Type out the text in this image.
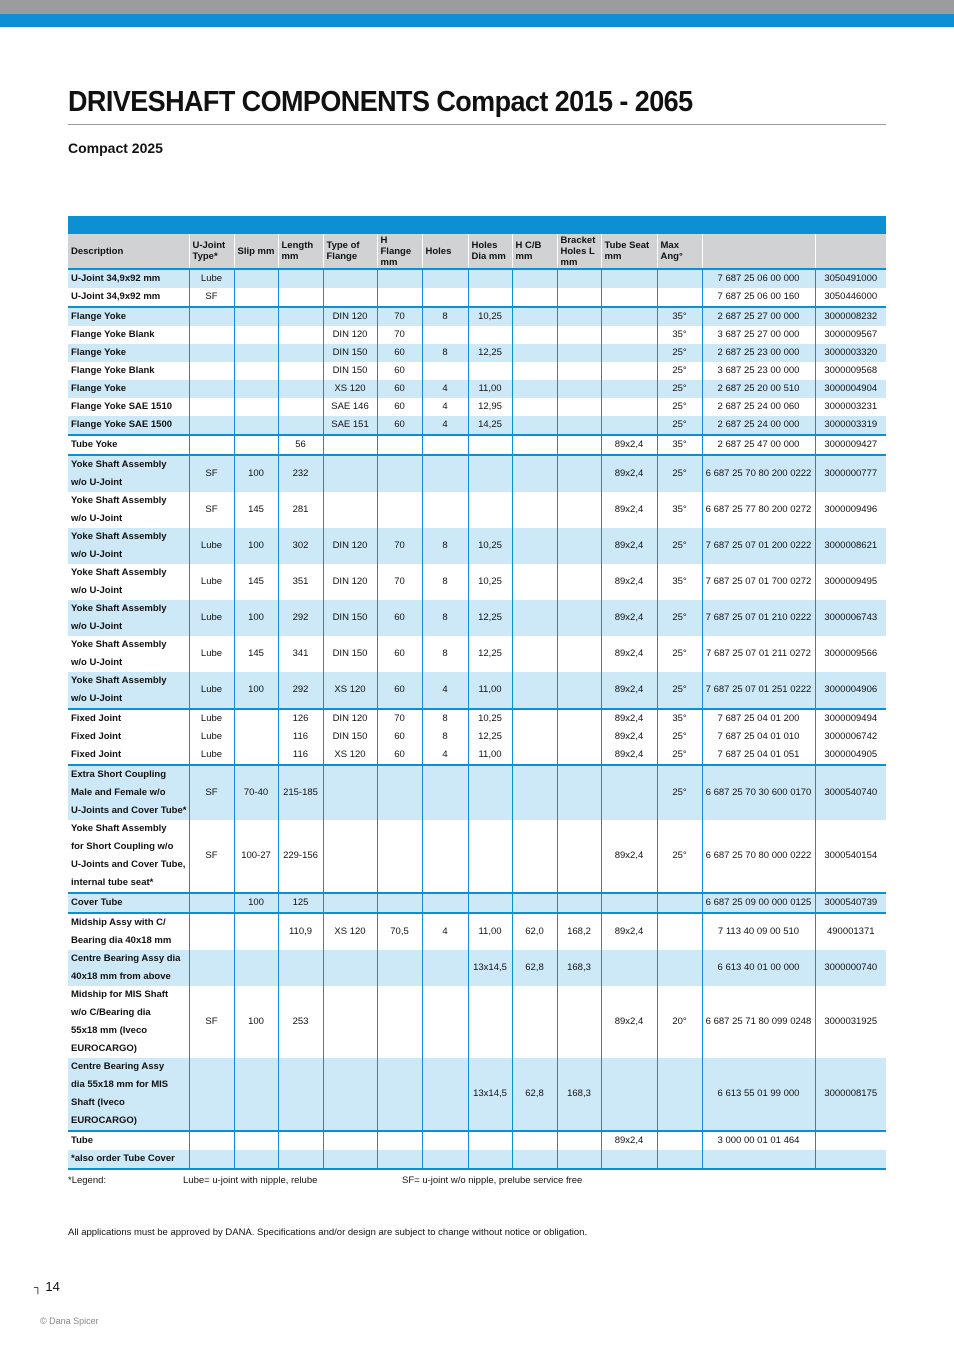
DRIVESHAFT COMPONENTS Compact 2015 - 2065
Compact 2025
Description	U-Joint Type*	Slip mm	Length mm	Type of Flange	H Flange mm	Holes	Holes Dia mm	H C/B mm	Bracket Holes L mm	Tube Seat mm	Max Ang°		
U-Joint 34,9x92 mm	Lube											7 687 25 06 00 000	3050491000
U-Joint 34,9x92 mm	SF											7 687 25 06 00 160	3050446000
Flange Yoke				DIN 120	70	8	10,25				35°	2 687 25 27 00 000	3000008232
Flange Yoke Blank				DIN 120	70						35°	3 687 25 27 00 000	3000009567
Flange Yoke				DIN 150	60	8	12,25				25°	2 687 25 23 00 000	3000003320
Flange Yoke Blank				DIN 150	60						25°	3 687 25 23 00 000	3000009568
Flange Yoke				XS 120	60	4	11,00				25°	2 687 25 20 00 510	3000004904
Flange Yoke SAE 1510				SAE 146	60	4	12,95				25°	2 687 25 24 00 060	3000003231
Flange Yoke SAE 1500				SAE 151	60	4	14,25				25°	2 687 25 24 00 000	3000003319
Tube Yoke			56							89x2,4	35°	2 687 25 47 00 000	3000009427
Yoke Shaft Assembly
w/o U-Joint	SF	100	232							89x2,4	25°	6 687 25 70 80 200 0222	3000000777
Yoke Shaft Assembly
w/o U-Joint	SF	145	281							89x2,4	35°	6 687 25 77 80 200 0272	3000009496
Yoke Shaft Assembly
w/o U-Joint	Lube	100	302	DIN 120	70	8	10,25			89x2,4	25°	7 687 25 07 01 200 0222	3000008621
Yoke Shaft Assembly
w/o U-Joint	Lube	145	351	DIN 120	70	8	10,25			89x2,4	35°	7 687 25 07 01 700 0272	3000009495
Yoke Shaft Assembly
w/o U-Joint	Lube	100	292	DIN 150	60	8	12,25			89x2,4	25°	7 687 25 07 01 210 0222	3000006743
Yoke Shaft Assembly
w/o U-Joint	Lube	145	341	DIN 150	60	8	12,25			89x2,4	25°	7 687 25 07 01 211 0272	3000009566
Yoke Shaft Assembly
w/o U-Joint	Lube	100	292	XS 120	60	4	11,00			89x2,4	25°	7 687 25 07 01 251 0222	3000004906
Fixed Joint	Lube		126	DIN 120	70	8	10,25			89x2,4	35°	7 687 25 04 01 200	3000009494
Fixed Joint	Lube		116	DIN 150	60	8	12,25			89x2,4	25°	7 687 25 04 01 010	3000006742
Fixed Joint	Lube		116	XS 120	60	4	11,00			89x2,4	25°	7 687 25 04 01 051	3000004905
Extra Short Coupling
Male and Female w/o
U-Joints and Cover Tube*	SF	70-40	215-185								25°	6 687 25 70 30 600 0170	3000540740
Yoke Shaft Assembly
for Short Coupling w/o
U-Joints and Cover Tube,
internal tube seat*	SF	100-27	229-156							89x2,4	25°	6 687 25 70 80 000 0222	3000540154
Cover Tube		100	125									6 687 25 09 00 000 0125	3000540739
Midship Assy with C/
Bearing dia 40x18 mm			110,9	XS 120	70,5	4	11,00	62,0	168,2	89x2,4		7 113 40 09 00 510	490001371
Centre Bearing Assy dia
40x18 mm from above							13x14,5	62,8	168,3			6 613 40 01 00 000	3000000740
Midship for MIS Shaft
w/o C/Bearing dia
55x18 mm (Iveco
EUROCARGO)	SF	100	253							89x2,4	20°	6 687 25 71 80 099 0248	3000031925
Centre Bearing Assy
dia 55x18 mm for MIS
Shaft (Iveco
EUROCARGO)							13x14,5	62,8	168,3			6 613 55 01 99 000	3000008175
Tube										89x2,4		3 000 00 01 01 464	
*also order Tube Cover													
*Legend:	Lube= u-joint with nipple, relube	SF= u-joint w/o nipple, prelube service free
All applications must be approved by DANA. Specifications and/or design are subject to change without notice or obligation.
┐ 14
© Dana Spicer
